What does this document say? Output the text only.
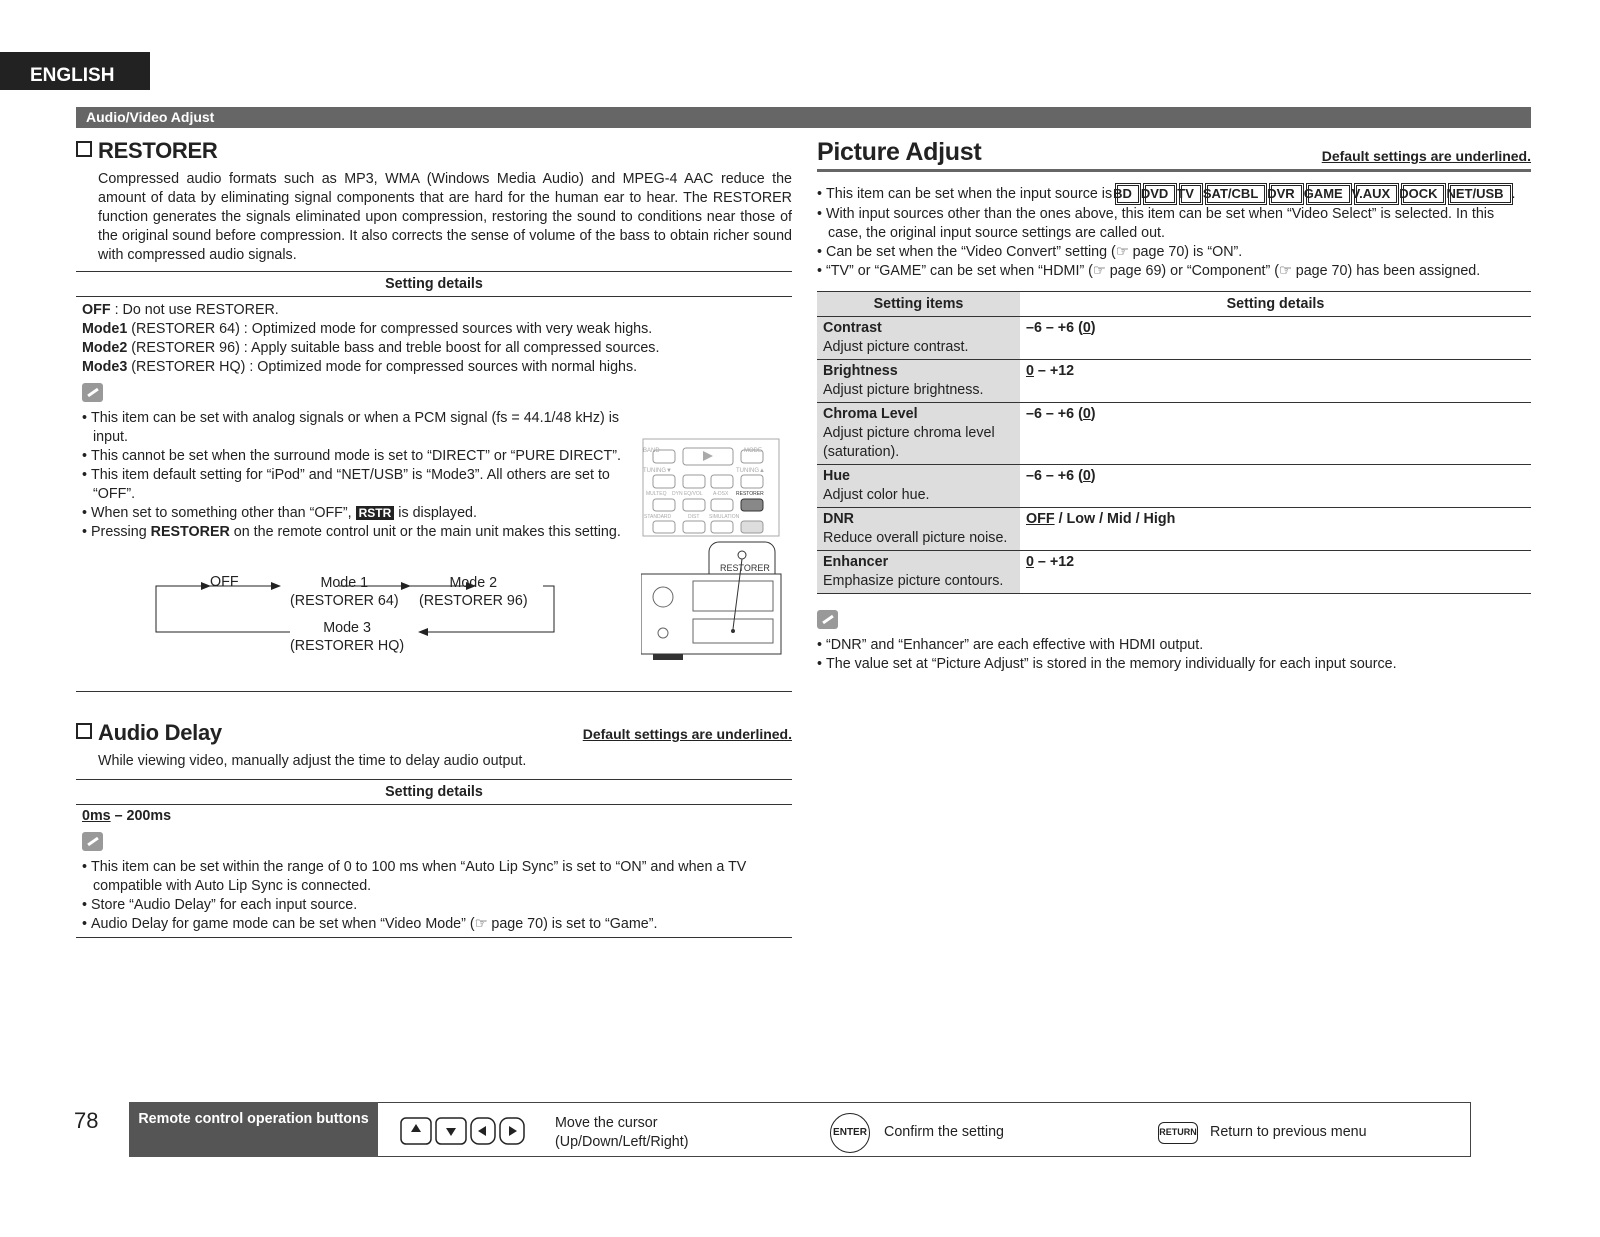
ENGLISH
Audio/Video Adjust
RESTORER
Compressed audio formats such as MP3, WMA (Windows Media Audio) and MPEG-4 AAC reduce the amount of data by eliminating signal components that are hard for the human ear to hear. The RESTORER function generates the signals eliminated upon compression, restoring the sound to conditions near those of the original sound before compression. It also corrects the sense of volume of the bass to obtain richer sound with compressed audio signals.
Setting details
OFF : Do not use RESTORER.
Mode1 (RESTORER 64) : Optimized mode for compressed sources with very weak highs.
Mode2 (RESTORER 96) : Apply suitable bass and treble boost for all compressed sources.
Mode3 (RESTORER HQ) : Optimized mode for compressed sources with normal highs.
• This item can be set with analog signals or when a PCM signal (fs = 44.1/48 kHz) is input.
• This cannot be set when the surround mode is set to “DIRECT” or “PURE DIRECT”.
• This item default setting for “iPod” and “NET/USB” is “Mode3”. All others are set to “OFF”.
• When set to something other than “OFF”, RSTR is displayed.
• Pressing RESTORER on the remote control unit or the main unit makes this setting.
OFF	Mode 1
(RESTORER 64)
Mode 2
(RESTORER 96)
Mode 3
(RESTORER HQ)
BAND	MODE
TUNING▼	TUNING▲
MULTEQ DYN EQ/VOL A-DSX RESTORER
STANDARD	DIST SIMULATION
RESTORER
Default settings are underlined.
Audio Delay
While viewing video, manually adjust the time to delay audio output.
Setting details
0ms – 200ms
• This item can be set within the range of 0 to 100 ms when “Auto Lip Sync” is set to “ON” and when a TV compatible with Auto Lip Sync is connected.
• Store “Audio Delay” for each input source.
• Audio Delay for game mode can be set when “Video Mode” (☞ page 70) is set to “Game”.
Default settings are underlined.
Picture Adjust
• This item can be set when the input source is BD DVD TV SAT/CBL DVR GAME V.AUX DOCK NET/USB .
• With input sources other than the ones above, this item can be set when “Video Select” is selected. In this case, the original input source settings are called out.
• Can be set when the “Video Convert” setting (☞ page 70) is “ON”.
• “TV” or “GAME” can be set when “HDMI” (☞ page 69) or “Component” (☞ page 70) has been assigned.
Setting items	Setting details

Contrast
Adjust picture contrast.	–6 – +6 (0)

Brightness
Adjust picture brightness.	0 – +12

Chroma Level
Adjust picture chroma level (saturation).	–6 – +6 (0)

Hue
Adjust color hue.	–6 – +6 (0)

DNR
Reduce overall picture noise.	OFF / Low / Mid / High

Enhancer
Emphasize picture contours.	0 – +12
• “DNR” and “Enhancer” are each effective with HDMI output.
• The value set at “Picture Adjust” is stored in the memory individually for each input source.
78	Remote control operation buttons	Move the cursor
(Up/Down/Left/Right)
ENTER Confirm the setting	RETURN Return to previous menu
